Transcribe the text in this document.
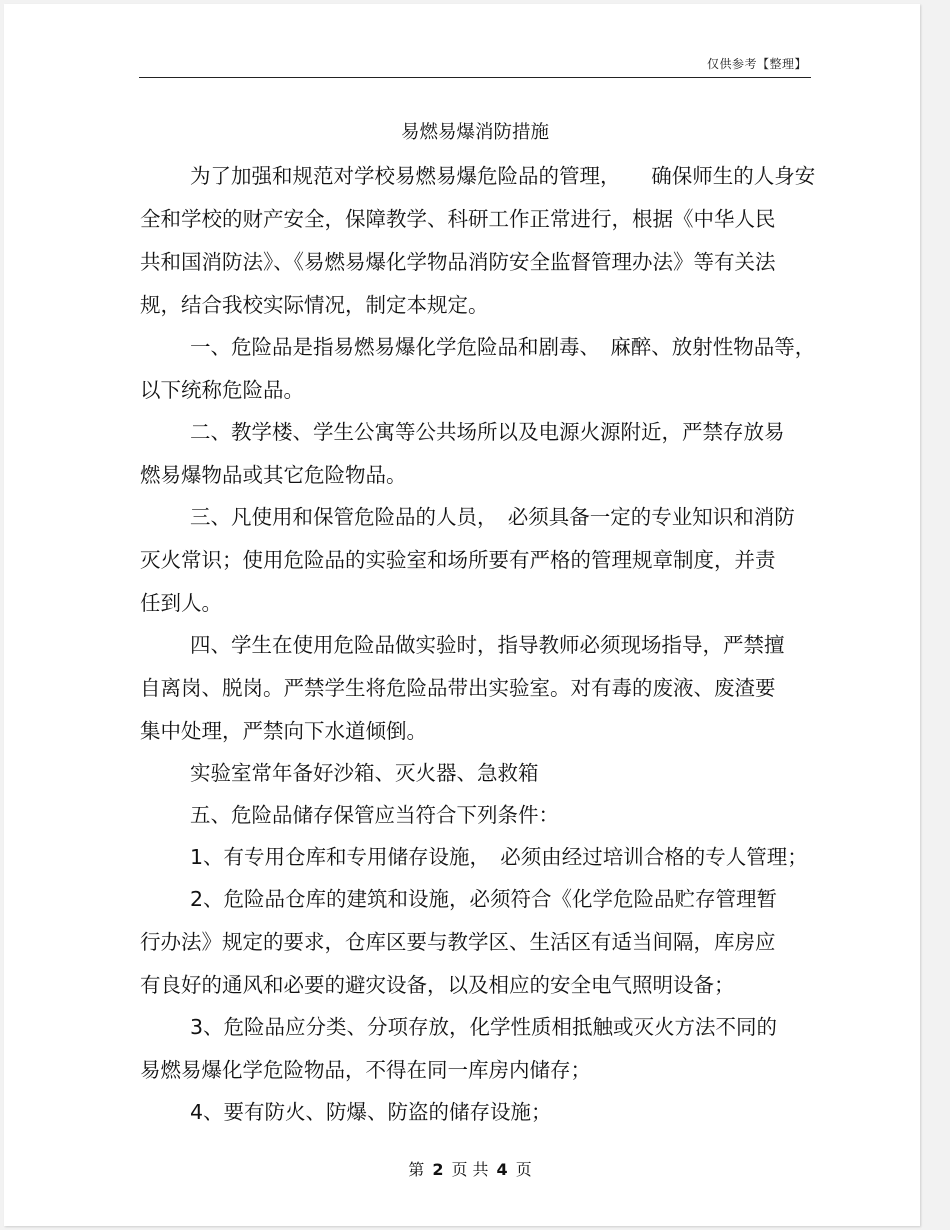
仅供参考【整理】
易燃易爆消防措施
为了加强和规范对学校易燃易爆危险品的管理，　　确保师生的人身安
全和学校的财产安全，保障教学、科研工作正常进行，根据《中华人民
共和国消防法》、《易燃易爆化学物品消防安全监督管理办法》等有关法
规，结合我校实际情况，制定本规定。
一、危险品是指易燃易爆化学危险品和剧毒、　麻醉、放射性物品等，
以下统称危险品。
二、教学楼、学生公寓等公共场所以及电源火源附近，严禁存放易
燃易爆物品或其它危险物品。
三、凡使用和保管危险品的人员，　必须具备一定的专业知识和消防
灭火常识；使用危险品的实验室和场所要有严格的管理规章制度，并责
任到人。
四、学生在使用危险品做实验时，指导教师必须现场指导，严禁擅
自离岗、脱岗。严禁学生将危险品带出实验室。对有毒的废液、废渣要
集中处理，严禁向下水道倾倒。
实验室常年备好沙箱、灭火器、急救箱
五、危险品储存保管应当符合下列条件：
1、有专用仓库和专用储存设施，　必须由经过培训合格的专人管理；
2、危险品仓库的建筑和设施，必须符合《化学危险品贮存管理暂
行办法》规定的要求，仓库区要与教学区、生活区有适当间隔，库房应
有良好的通风和必要的避灾设备，以及相应的安全电气照明设备；
3、危险品应分类、分项存放，化学性质相抵触或灭火方法不同的
易燃易爆化学危险物品，不得在同一库房内储存；
4、要有防火、防爆、防盗的储存设施；
第 2 页 共 4 页
